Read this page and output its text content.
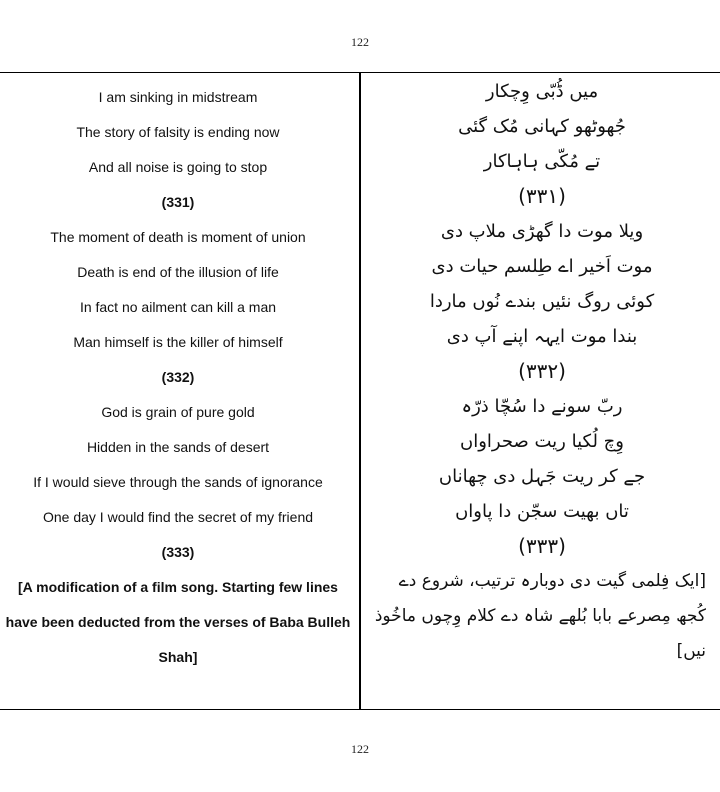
122
I am sinking in midstream
The story of falsity is ending now
And all noise is going to stop
(331)
The moment of death is moment of union
Death is end of the illusion of life
In fact no ailment can kill a man
Man himself is the killer of himself
(332)
God is grain of pure gold
Hidden in the sands of desert
If I would sieve through the sands of ignorance
One day I would find the secret of my friend
(333)
[A modification of a film song. Starting few lines
have been deducted from the verses of Baba Bulleh
Shah]
میں ڈُبّی وِچکار
جُھوٹھو کہانی مُک گئی
تے مُکّی ہاہاکار
(۳۳۱)
ویلا موت دا گھڑی ملاپ دی
موت اَخیر اے طِلسم حیات دی
کوئی روگ نئیں بندے نُوں ماردا
بندا موت ایہہ اپنے آپ دی
(۳۳۲)
ربّ سونے دا سُچّا ذرّہ
وِچ لُکیا ریت صحراواں
جے کر ریت جَہل دی چھاناں
تاں بھیت سجّن دا پاواں
(۳۳۳)
[ایک فِلمی گیت دی دوبارہ ترتیب، شروع دے
کُجھ مِصرعے بابا بُلھے شاہ دے کلام وِچوں ماخُوذ
نیں]
122
